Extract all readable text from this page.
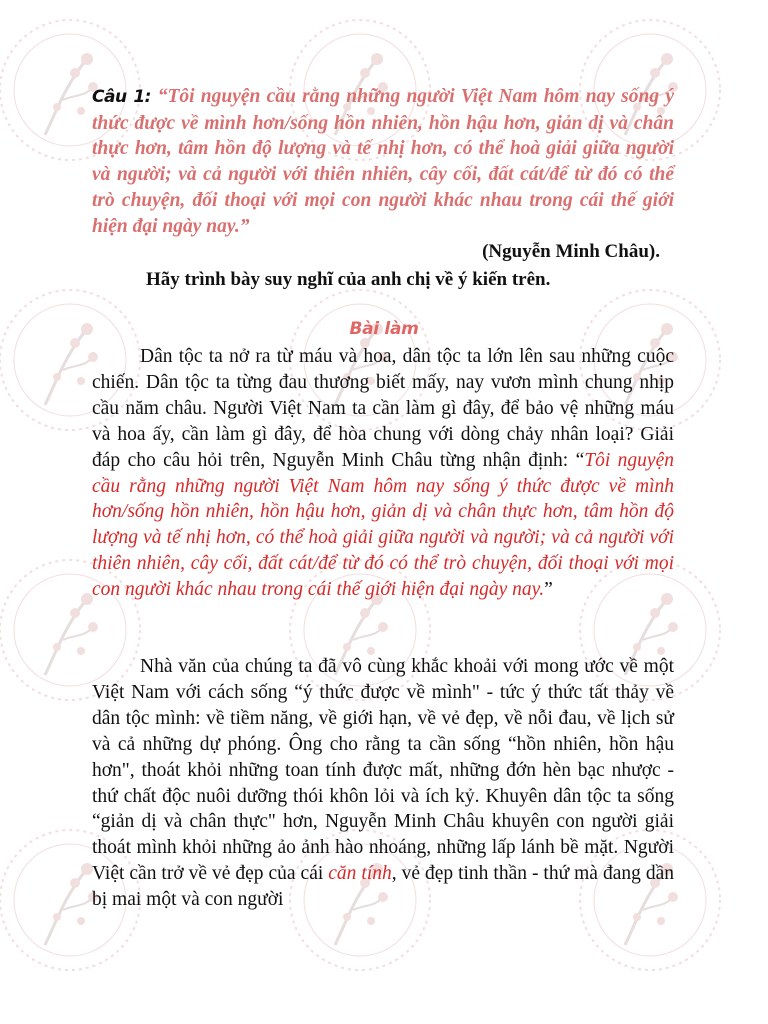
Câu 1: “Tôi nguyện cầu rằng những người Việt Nam hôm nay sống ý thức được về mình hơn/sống hồn nhiên, hồn hậu hơn, giản dị và chân thực hơn, tâm hồn độ lượng và tế nhị hơn, có thể hoà giải giữa người và người; và cả người với thiên nhiên, cây cối, đất cát/để từ đó có thể trò chuyện, đối thoại với mọi con người khác nhau trong cái thế giới hiện đại ngày nay.”
(Nguyễn Minh Châu).
Hãy trình bày suy nghĩ của anh chị về ý kiến trên.
Bài làm
Dân tộc ta nở ra từ máu và hoa, dân tộc ta lớn lên sau những cuộc chiến. Dân tộc ta từng đau thương biết mấy, nay vươn mình chung nhịp cầu năm châu. Người Việt Nam ta cần làm gì đây, để bảo vệ những máu và hoa ấy, cần làm gì đây, để hòa chung với dòng chảy nhân loại? Giải đáp cho câu hỏi trên, Nguyễn Minh Châu từng nhận định: “Tôi nguyện cầu rằng những người Việt Nam hôm nay sống ý thức được về mình hơn/sống hồn nhiên, hồn hậu hơn, giản dị và chân thực hơn, tâm hồn độ lượng và tế nhị hơn, có thể hoà giải giữa người và người; và cả người với thiên nhiên, cây cối, đất cát/để từ đó có thể trò chuyện, đối thoại với mọi con người khác nhau trong cái thế giới hiện đại ngày nay.”
Nhà văn của chúng ta đã vô cùng khắc khoải với mong ước về một Việt Nam với cách sống “ý thức được về mình" - tức ý thức tất thảy về dân tộc mình: về tiềm năng, về giới hạn, về vẻ đẹp, về nỗi đau, về lịch sử và cả những dự phóng. Ông cho rằng ta cần sống “hồn nhiên, hồn hậu hơn", thoát khỏi những toan tính được mất, những đớn hèn bạc nhược - thứ chất độc nuôi dưỡng thói khôn lỏi và ích kỷ. Khuyên dân tộc ta sống “giản dị và chân thực" hơn, Nguyễn Minh Châu khuyên con người giải thoát mình khỏi những ảo ảnh hào nhoáng, những lấp lánh bề mặt. Người Việt cần trở về vẻ đẹp của cái căn tính, vẻ đẹp tinh thần - thứ mà đang dần bị mai một và con người
